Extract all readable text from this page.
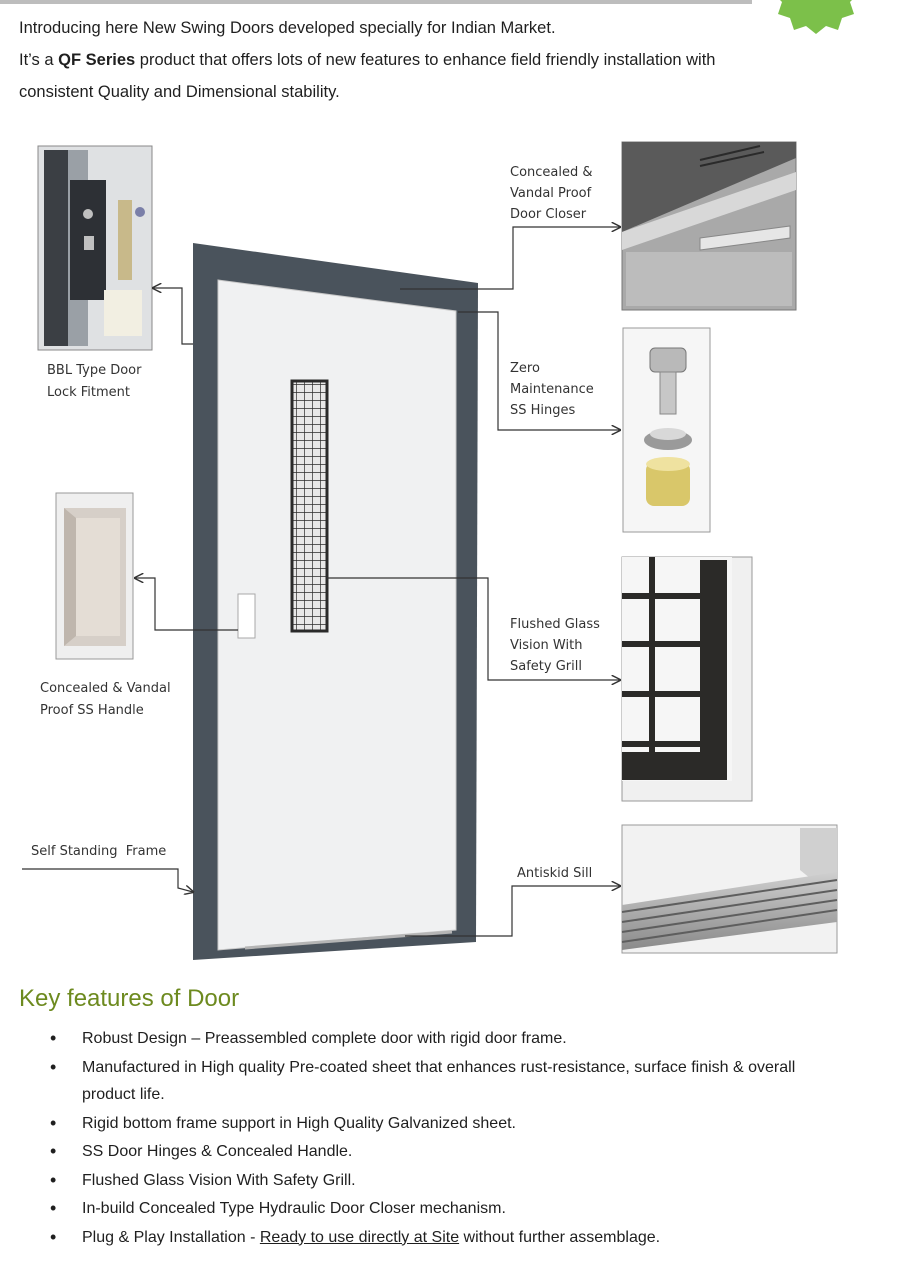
Introducing here New Swing Doors developed specially for Indian Market.

It’s a QF Series product that offers lots of new features to enhance field friendly installation with

consistent Quality and Dimensional stability.

Concealed & Vandal Proof Door Closer
BBL Type Door Lock Fitment
Zero Maintenance SS Hinges
Concealed & Vandal Proof SS Handle
Flushed Glass Vision With Safety Grill
Self Standing  Frame
Antiskid Sill
Key features of Door
• Robust Design – Preassembled complete door with rigid door frame.
• Manufactured in High quality Pre-coated sheet that enhances rust-resistance, surface finish & overall product life.
• Rigid bottom frame support in High Quality Galvanized sheet.
• SS Door Hinges & Concealed Handle.
• Flushed Glass Vision With Safety Grill.
• In-build Concealed Type Hydraulic Door Closer mechanism.
• Plug & Play Installation - Ready to use directly at Site without further assemblage.
